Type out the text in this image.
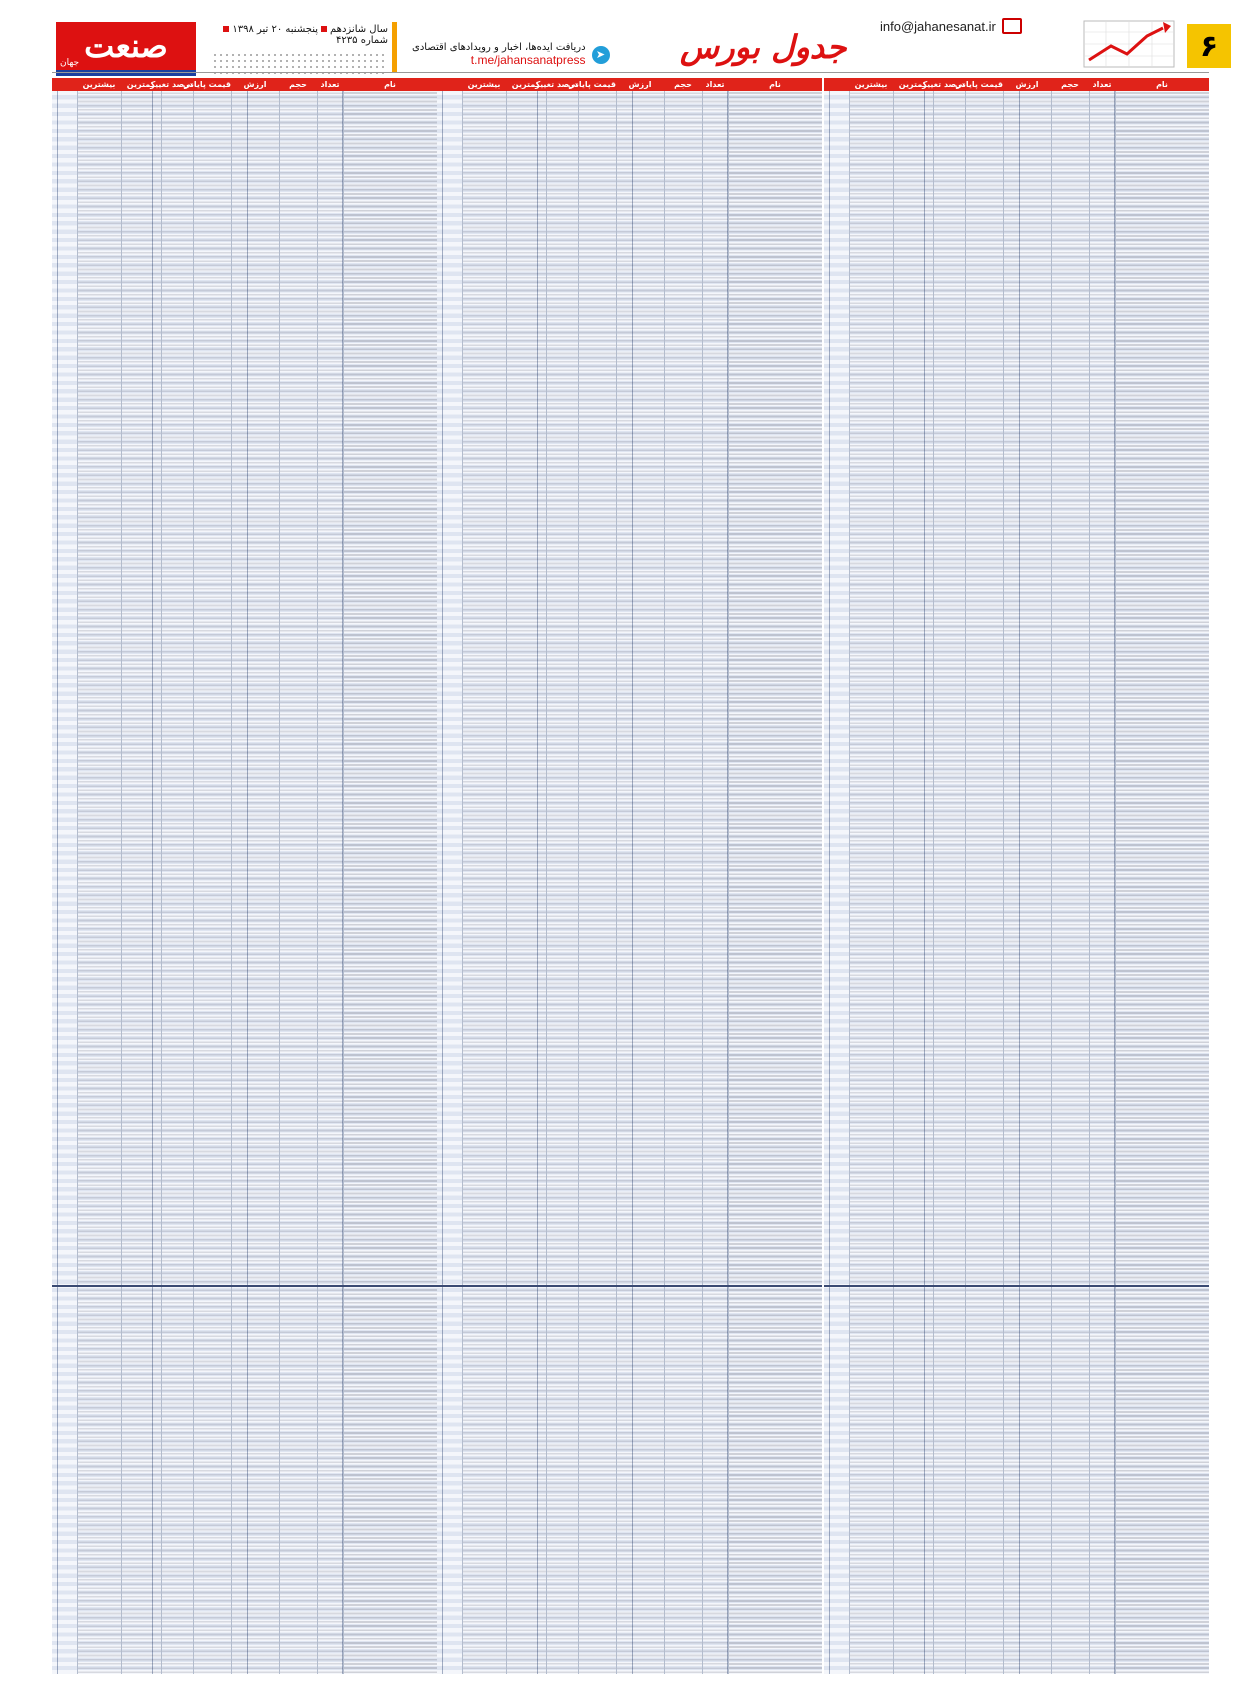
۶
info@jahanesanat.ir
جدول بورس
دریافت ایده‌ها، اخبار و رویدادهای اقتصادی
t.me/jahansanatpress ➤
سال شانزدهمپنجشنبه ۲۰ تیر ۱۳۹۸شماره ۴۲۳۵
صنعت
جهان
نام
تعداد
حجم
ارزش
قیمت پایانی
درصد تغییر
کمترین
بیشترین
نام
تعداد
حجم
ارزش
قیمت پایانی
درصد تغییر
کمترین
بیشترین
نام
تعداد
حجم
ارزش
قیمت پایانی
درصد تغییر
کمترین
بیشترین
